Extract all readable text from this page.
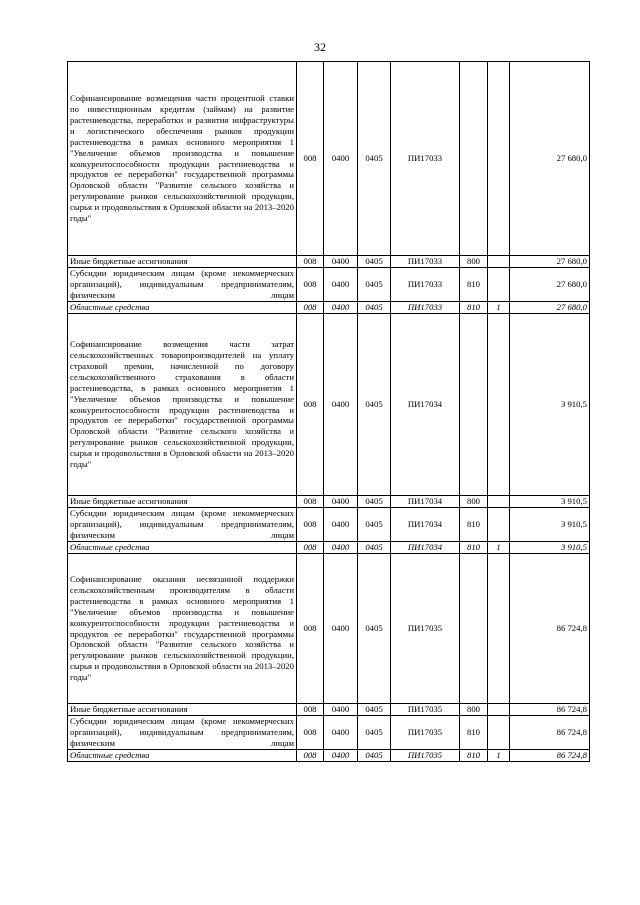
32
Софинансирование возмещения части процентной ставки по инвестиционным кредитам (займам) на развитие растениеводства, переработки и развития инфраструктуры и логистического обеспечения рынков продукции растениеводства в рамках основного мероприятия 1 "Увеличение объемов производства и повышение конкурентоспособности продукции растениеводства и продуктов ее переработки" государственной программы Орловской области "Развитие сельского хозяйства и регулирование рынков сельскохозяйственной продукции, сырья и продовольствия в Орловской области на 2013–2020 годы"	008	0400	0405	ПИ17033			27 680,0
Иные бюджетные ассигнования	008	0400	0405	ПИ17033	800		27 680,0
Субсидии юридическим лицам (кроме некоммерческих организаций), индивидуальным предпринимателям, физическим лицам	008	0400	0405	ПИ17033	810		27 680,0
Областные средства	008	0400	0405	ПИ17033	810	1	27 680,0
Софинансирование возмещения части затрат сельскохозяйственных товаропроизводителей на уплату страховой премии, начисленной по договору сельскохозяйственного страхования в области растениеводства, в рамках основного мероприятия 1 "Увеличение объемов производства и повышение конкурентоспособности продукции растениеводства и продуктов ее переработки" государственной программы Орловской области "Развитие сельского хозяйства и регулирование рынков сельскохозяйственной продукции, сырья и продовольствия в Орловской области на 2013–2020 годы"	008	0400	0405	ПИ17034			3 910,5
Иные бюджетные ассигнования	008	0400	0405	ПИ17034	800		3 910,5
Субсидии юридическим лицам (кроме некоммерческих организаций), индивидуальным предпринимателям, физическим лицам	008	0400	0405	ПИ17034	810		3 910,5
Областные средства	008	0400	0405	ПИ17034	810	1	3 910,5
Софинансирование оказания несвязанной поддержки сельскохозяйственным производителям в области растениеводства в рамках основного мероприятия 1 "Увеличение объемов производства и повышение конкурентоспособности продукции растениеводства и продуктов ее переработки" государственной программы Орловской области "Развитие сельского хозяйства и регулирование рынков сельскохозяйственной продукции, сырья и продовольствия в Орловской области на 2013–2020 годы"	008	0400	0405	ПИ17035			86 724,8
Иные бюджетные ассигнования	008	0400	0405	ПИ17035	800		86 724,8
Субсидии юридическим лицам (кроме некоммерческих организаций), индивидуальным предпринимателям, физическим лицам	008	0400	0405	ПИ17035	810		86 724,8
Областные средства	008	0400	0405	ПИ17035	810	1	86 724,8
